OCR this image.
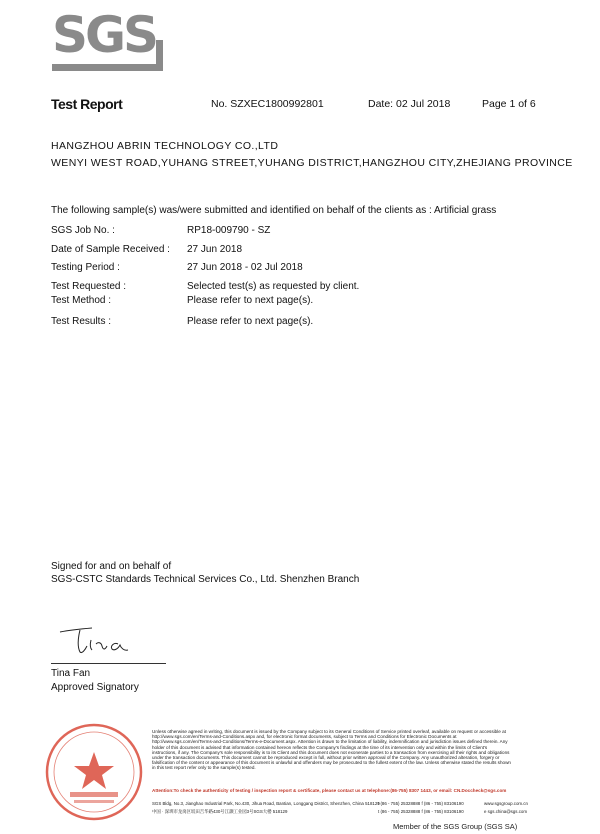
SGS
Test Report	No. SZXEC1800992801	Date: 02 Jul 2018	Page 1 of 6
HANGZHOU ABRIN TECHNOLOGY CO.,LTD
WENYI WEST ROAD,YUHANG STREET,YUHANG DISTRICT,HANGZHOU CITY,ZHEJIANG PROVINCE
The following sample(s) was/were submitted and identified on behalf of the clients as : Artificial grass
SGS Job No. :	RP18-009790 - SZ
Date of Sample Received : 27 Jun 2018
Testing Period :	27 Jun 2018 - 02 Jul 2018
Test Requested :	Selected test(s) as requested by client.
Test Method :	Please refer to next page(s).
Test Results :	Please refer to next page(s).
Signed for and on behalf of
SGS-CSTC Standards Technical Services Co., Ltd. Shenzhen Branch
Tina Fan
Approved Signatory
Unless otherwise agreed in writing, this document is issued by the Company subject to its General Conditions of Service printed overleaf, available on request or accessible at http://www.sgs.com/en/Terms-and-Conditions.aspx and, for electronic format documents, subject to Terms and Conditions for Electronic Documents at http://www.sgs.com/en/Terms-and-Conditions/Terms-e-Document.aspx. Attention is drawn to the limitation of liability, indemnification and jurisdiction issues defined therein. Any holder of this document is advised that information contained hereon reflects the Company's findings at the time of its intervention only and within the limits of Client's instructions, if any. The Company's sole responsibility is to its Client and this document does not exonerate parties to a transaction from exercising all their rights and obligations under the transaction documents. This document cannot be reproduced except in full, without prior written approval of the Company. Any unauthorized alteration, forgery or falsification of the content or appearance of this document is unlawful and offenders may be prosecuted to the fullest extent of the law. Unless otherwise stated the results shown in this test report refer only to the sample(s) tested.
Attention:To check the authenticity of testing / inspection report & certificate, please contact us at telephone:(86-755) 8307 1443, or email: CN.Doccheck@sgs.com
SGS Bldg, No.3, Jianghao Industrial Park, No.430, Jihua Road, Bantian, Longgang District, Shenzhen, China 518129
t (86 - 755) 25328888 f (86 - 755) 83106190	www.sgsgroup.com.cn
中国 · 深圳市龙岗区坂田吉华路430号江灏工业园3号SGS大楼 518129	t (86 - 755) 25328888 f (86 - 755) 83106190	e sgs.china@sgs.com
Member of the SGS Group (SGS SA)
